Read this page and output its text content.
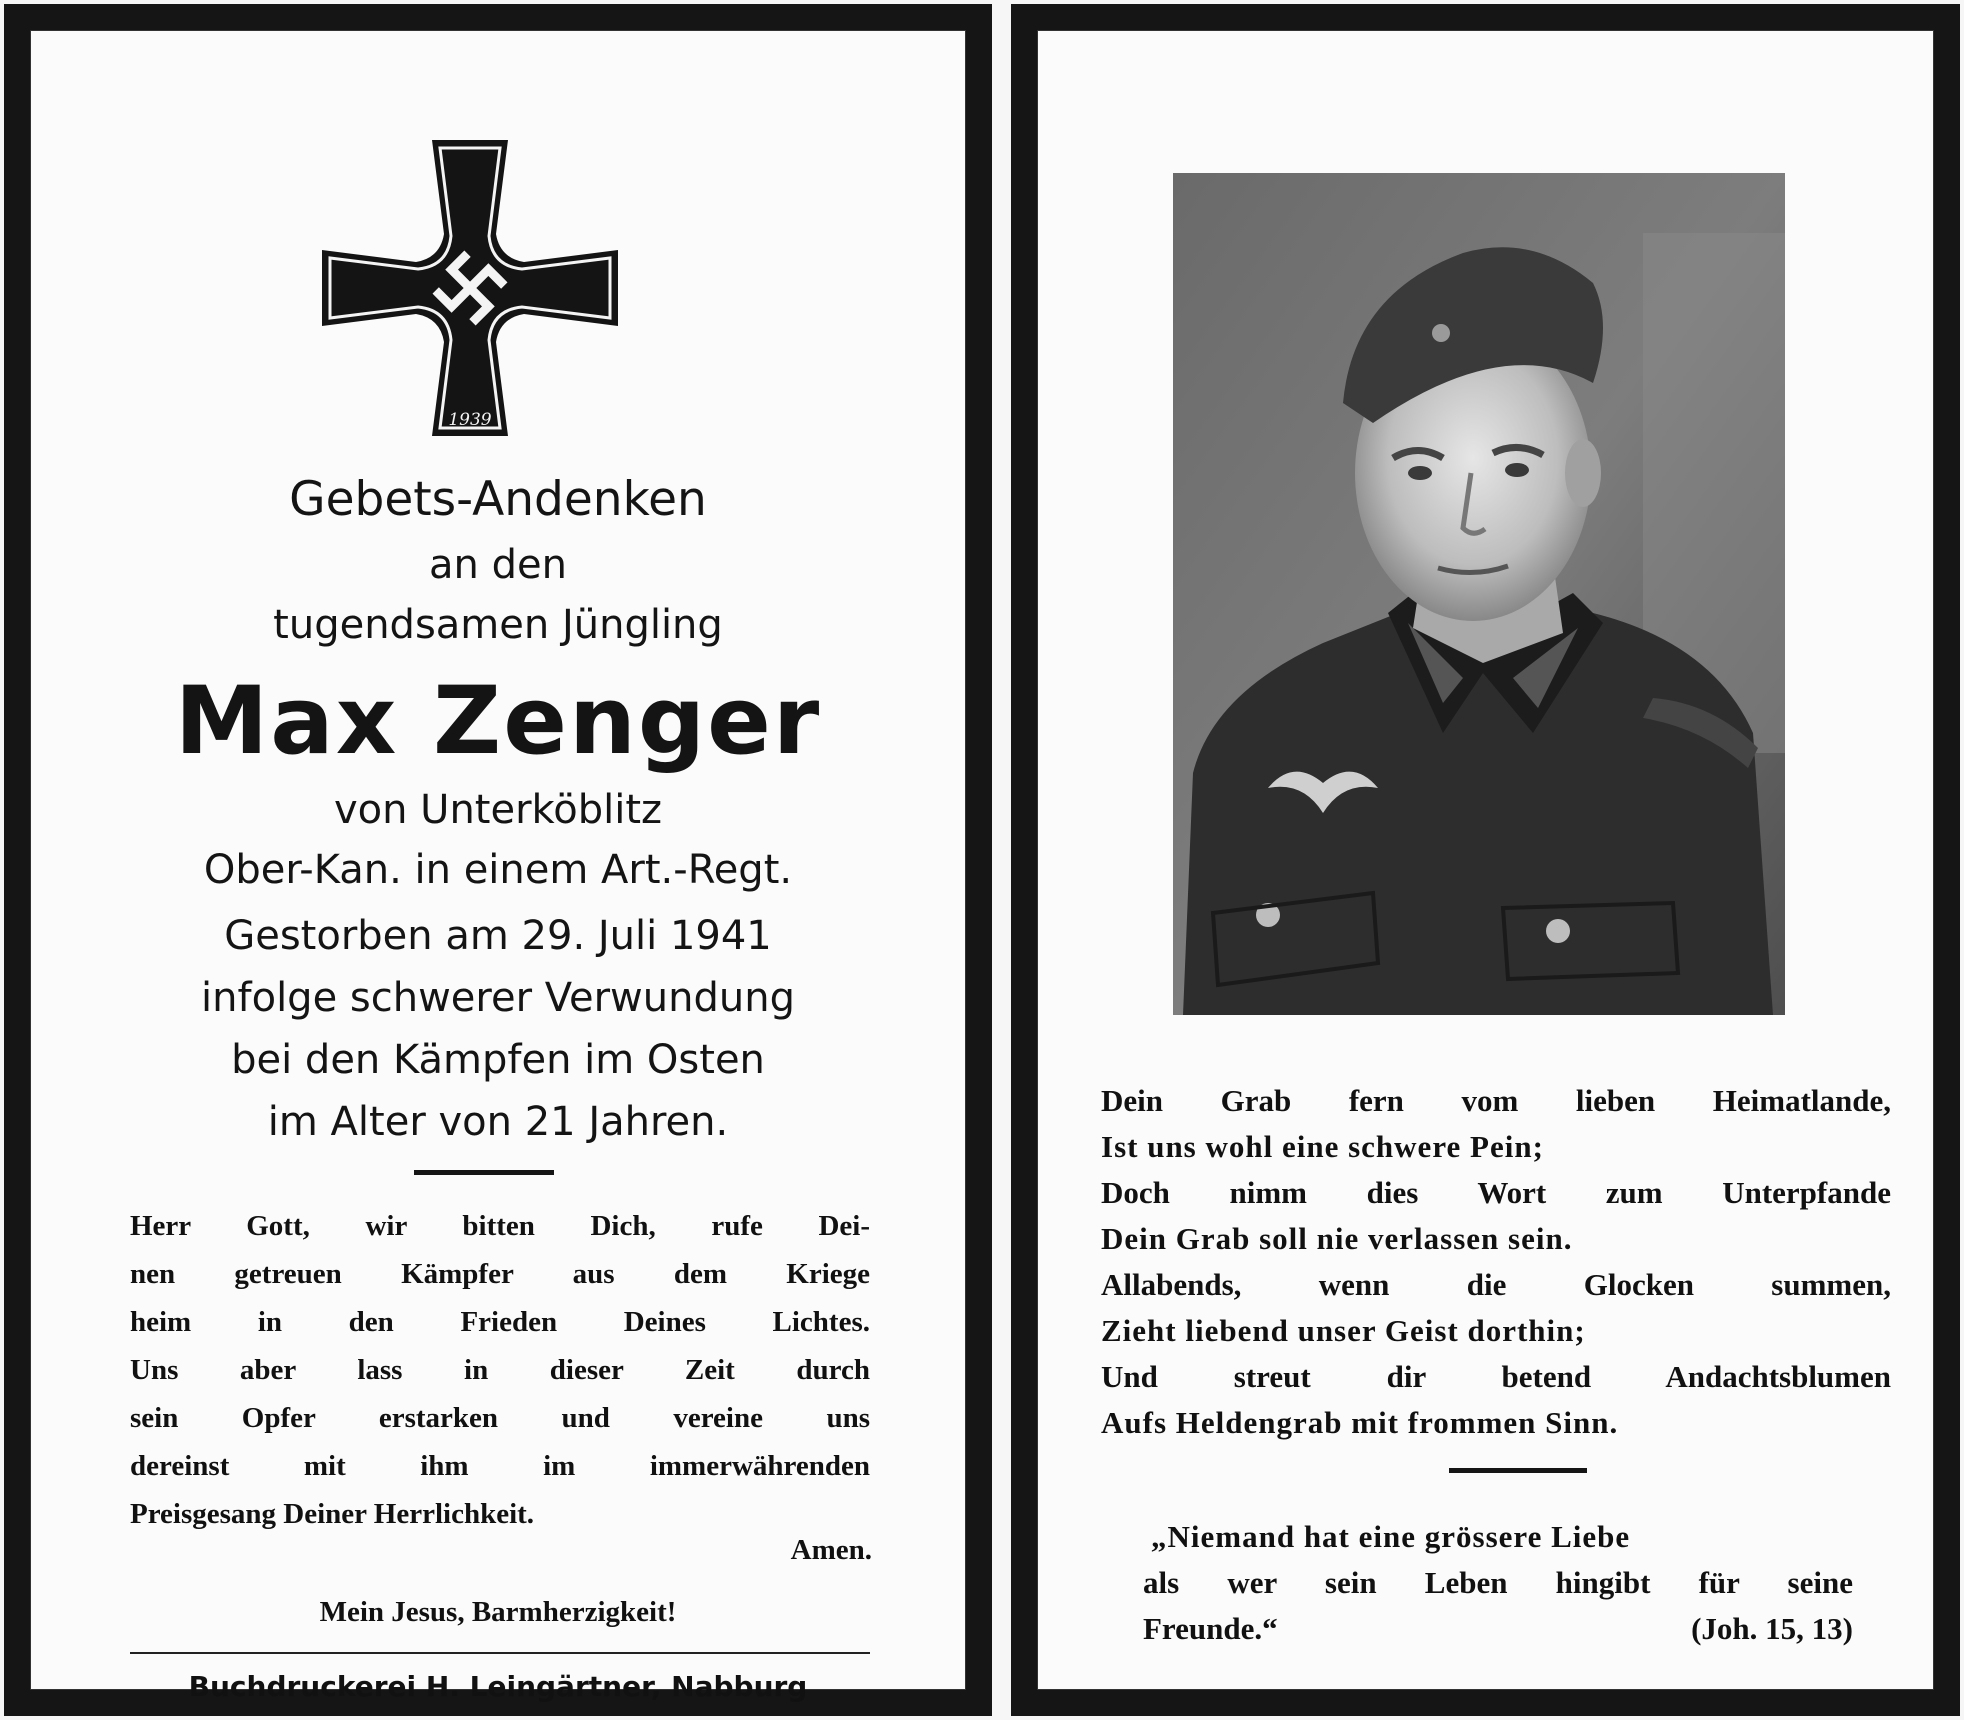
1939
Gebets-Andenken
an den
tugendsamen Jüngling
Max Zenger
von Unterköblitz
Ober-Kan. in einem Art.-Regt.
Gestorben am 29. Juli 1941
infolge schwerer Verwundung
bei den Kämpfen im Osten
im Alter von 21 Jahren.
Herr Gott, wir bitten Dich, rufe Dei-
nen getreuen Kämpfer aus dem Kriege
heim in den Frieden Deines Lichtes.
Uns aber lass in dieser Zeit durch
sein Opfer erstarken und vereine uns
dereinst mit ihm im immerwährenden
Preisgesang Deiner Herrlichkeit.
Amen.
Mein Jesus, Barmherzigkeit!
Buchdruckerei H. Leingärtner, Nabburg
Dein Grab fern vom lieben Heimatlande,
Ist uns wohl eine schwere Pein;
Doch nimm dies Wort zum Unterpfande
Dein Grab soll nie verlassen sein.
Allabends, wenn die Glocken summen,
Zieht liebend unser Geist dorthin;
Und streut dir betend Andachtsblumen
Aufs Heldengrab mit frommen Sinn.
„Niemand hat eine grössere Liebe
als wer sein Leben hingibt für seine
Freunde.“	(Joh. 15, 13)
